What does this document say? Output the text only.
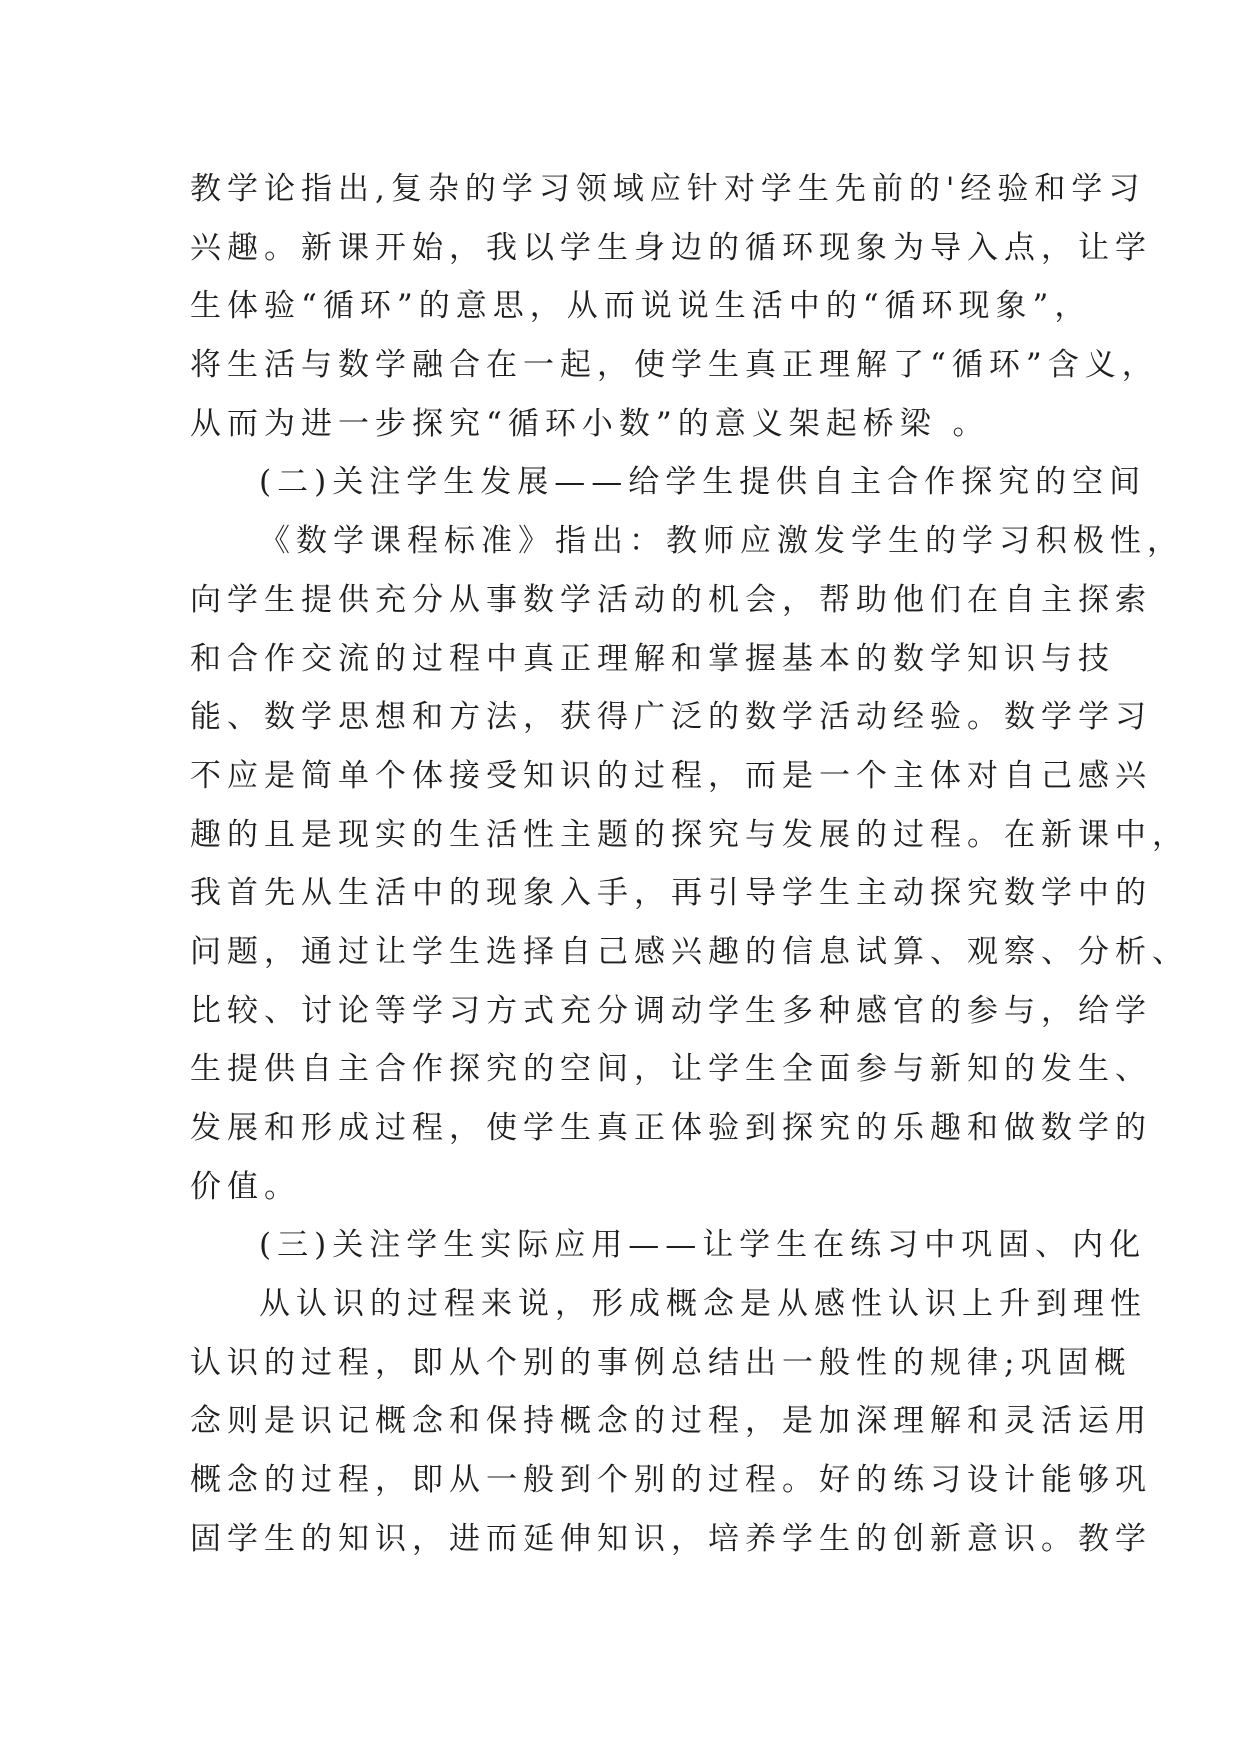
教学论指出,复杂的学习领域应针对学生先前的'经验和学习
兴趣。新课开始，我以学生身边的循环现象为导入点，让学
生体验“循环”的意思，从而说说生活中的“循环现象”，
将生活与数学融合在一起，使学生真正理解了“循环”含义，
从而为进一步探究“循环小数”的意义架起桥梁 。
(二)关注学生发展——给学生提供自主合作探究的空间
《数学课程标准》指出：教师应激发学生的学习积极性，
向学生提供充分从事数学活动的机会，帮助他们在自主探索
和合作交流的过程中真正理解和掌握基本的数学知识与技
能、数学思想和方法，获得广泛的数学活动经验。数学学习
不应是简单个体接受知识的过程，而是一个主体对自己感兴
趣的且是现实的生活性主题的探究与发展的过程。在新课中，
我首先从生活中的现象入手，再引导学生主动探究数学中的
问题，通过让学生选择自己感兴趣的信息试算、观察、分析、
比较、讨论等学习方式充分调动学生多种感官的参与，给学
生提供自主合作探究的空间，让学生全面参与新知的发生、
发展和形成过程，使学生真正体验到探究的乐趣和做数学的
价值。
(三)关注学生实际应用——让学生在练习中巩固、内化
从认识的过程来说，形成概念是从感性认识上升到理性
认识的过程，即从个别的事例总结出一般性的规律;巩固概
念则是识记概念和保持概念的过程，是加深理解和灵活运用
概念的过程，即从一般到个别的过程。好的练习设计能够巩
固学生的知识，进而延伸知识，培养学生的创新意识。教学
